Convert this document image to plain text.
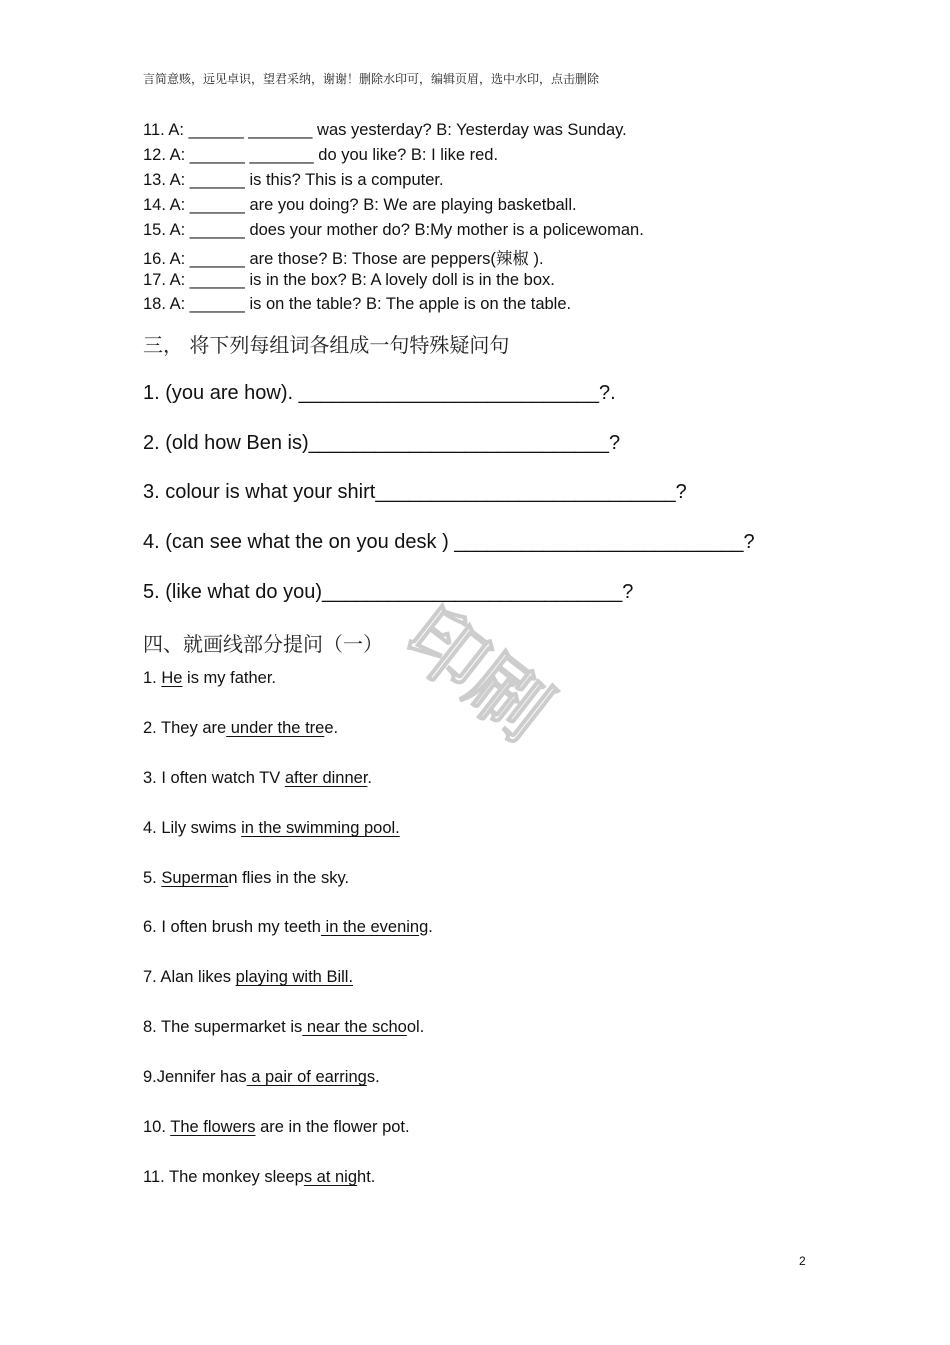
言简意赅，远见卓识，望君采纳，谢谢！删除水印可，编辑页眉，选中水印，点击删除
11. A: ______ _______ was yesterday? B: Yesterday was Sunday.
12. A: ______ _______ do you like? B: I like red.
13. A: ______ is this? This is a computer.
14. A: ______ are you doing? B: We are playing basketball.
15. A: ______ does your mother do? B:My mother is a policewoman.
16. A: ______ are those? B: Those are peppers(辣椒 ).
17. A: ______ is in the box? B: A lovely doll is in the box.
18. A: ______ is on the table? B: The apple is on the table.
三， 将下列每组词各组成一句特殊疑问句
1. (you are how). ___________________________?.
2. (old how Ben is)___________________________?
3. colour is what your shirt___________________________?
4. (can see what the on you desk ) __________________________?
5. (like what do you)___________________________?
四、就画线部分提问（一）
1. He is my father.
2. They are under the tree.
3. I often watch TV after dinner.
4. Lily swims in the swimming pool.
5. Superman flies in the sky.
6. I often brush my teeth in the evening.
7. Alan likes playing with Bill.
8. The supermarket is near the school.
9.Jennifer has a pair of earrings.
10. The flowers are in the flower pot.
11. The monkey sleeps at night.
印刷
2
